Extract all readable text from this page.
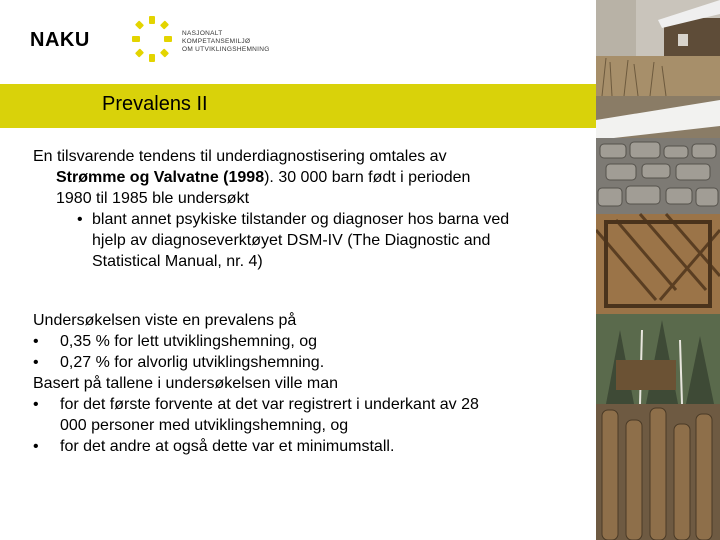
NAKU	NASJONALT KOMPETANSEMILJØ
OM UTVIKLINGSHEMNING
Prevalens II
En tilsvarende tendens til underdiagnostisering omtales av
Strømme og Valvatne (1998). 30 000 barn født i perioden
1980 til 1985 ble undersøkt
• blant annet psykiske tilstander og diagnoser hos barna ved
hjelp av diagnoseverktøyet DSM-IV (The Diagnostic and
Statistical Manual, nr. 4)
Undersøkelsen viste en prevalens på
• 0,35 % for lett utviklingshemning, og
• 0,27 % for alvorlig utviklingshemning.
Basert på tallene i undersøkelsen ville man
• for det første forvente at det var registrert i underkant av 28
000 personer med utviklingshemning, og
• for det andre at også dette var et minimumstall.
